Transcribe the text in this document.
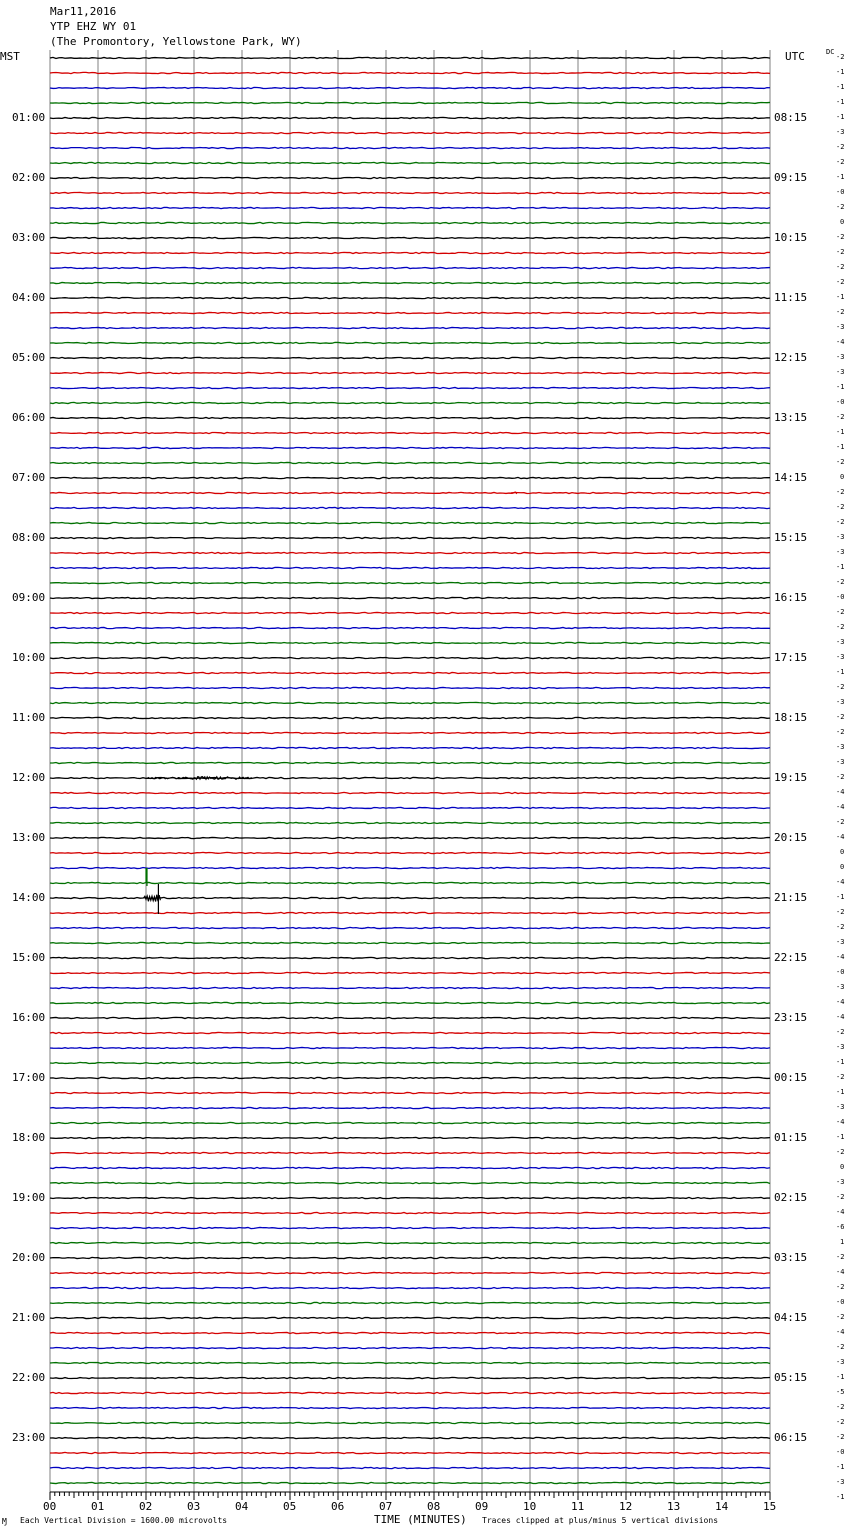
Mar11,2016
YTP EHZ WY 01
(The Promontory, Yellowstone Park, WY)
MST	UTC	DC
01:00
02:00
03:00
04:00
05:00
06:00
07:00
08:00
09:00
10:00
11:00
12:00
13:00
14:00
15:00
16:00
17:00
18:00
19:00
20:00
21:00
22:00
23:00
08:15
09:15
10:15
11:15
12:15
13:15
14:15
15:15
16:15
17:15
18:15
19:15
20:15
21:15
22:15
23:15
00:15
01:15
02:15
03:15
04:15
05:15
06:15
-2
-1
-1
-1
-1
-3
-2
-2
-1
-0
-2
0
-2
-2
-2
-2
-1
-2
-3
-4
-3
-3
-1
-0
-2
-1
-1
-2
0
-2
-2
-2
-3
-3
-1
-2
-0
-2
-2
-3
-3
-1
-2
-3
-2
-2
-3
-3
-2
-4
-4
-2
-4
0
0
-4
-1
-2
-2
-3
-4
-0
-3
-4
-4
-2
-3
-1
-2
-1
-3
-4
-1
-2
0
-3
-2
-4
-6
1
-2
-4
-2
-0
-2
-4
-2
-3
-1
-5
-2
-2
-2
-0
-1
-3
-1
00	01	02	03	04	05	06	07	08	09	10	11	12	13	14	15
Ɱ Each Vertical Division = 1600.00 microvolts	TIME (MINUTES) Traces clipped at plus/minus 5 vertical divisions
